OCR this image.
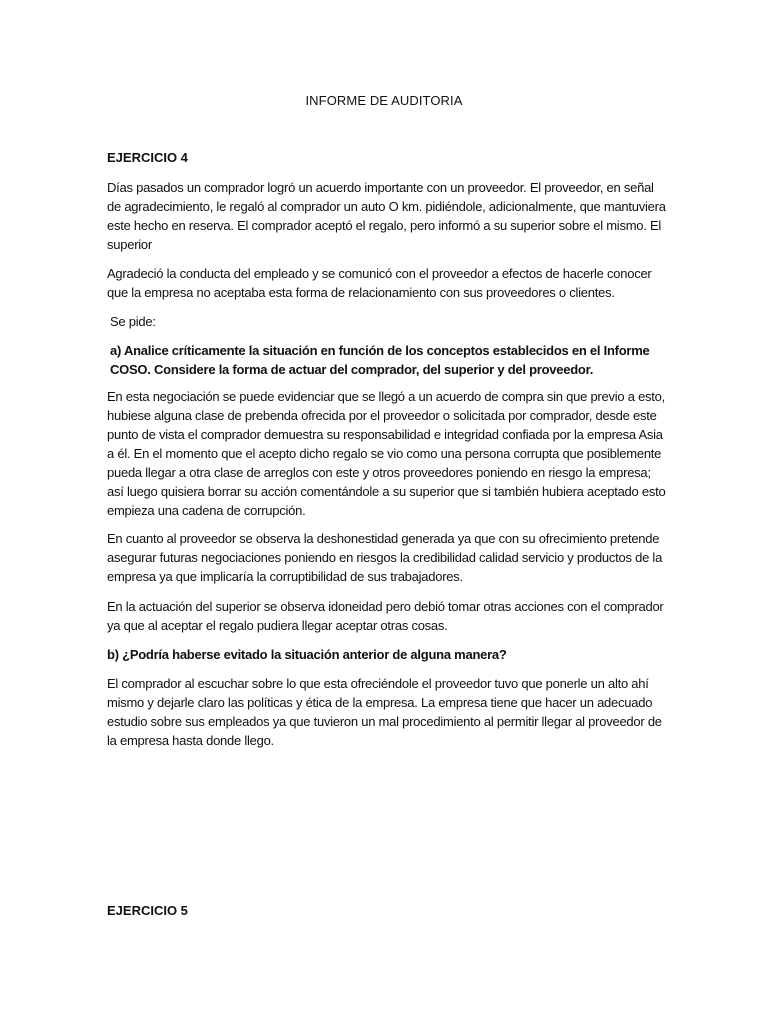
INFORME DE AUDITORIA
EJERCICIO 4

Días pasados un comprador logró un acuerdo importante con un proveedor. El proveedor, en señal de agradecimiento, le regaló al comprador un auto O km. pidiéndole, adicionalmente, que mantuviera este hecho en reserva. El comprador aceptó el regalo, pero informó a su superior sobre el mismo. El superior

Agradeció la conducta del empleado y se comunicó con el proveedor a efectos de hacerle conocer que la empresa no aceptaba esta forma de relacionamiento con sus proveedores o clientes.

Se pide:

a) Analice críticamente la situación en función de los conceptos establecidos en el Informe COSO. Considere la forma de actuar del comprador, del superior y del proveedor.

En esta negociación se puede evidenciar que se llegó a un acuerdo de compra sin que previo a esto, hubiese alguna clase de prebenda ofrecida por el proveedor o solicitada por comprador, desde este punto de vista el comprador demuestra su responsabilidad e integridad confiada por la empresa Asia a él. En el momento que el acepto dicho regalo se vio como una persona corrupta que posiblemente pueda llegar a otra clase de arreglos con este y otros proveedores poniendo en riesgo la empresa; así luego quisiera borrar su acción comentándole a su superior que si también hubiera aceptado esto empieza una cadena de corrupción.

En cuanto al proveedor se observa la deshonestidad generada ya que con su ofrecimiento pretende asegurar futuras negociaciones poniendo en riesgos la credibilidad calidad servicio y productos de la empresa ya que implicaría la corruptibilidad de sus trabajadores.

En la actuación del superior se observa idoneidad pero debió tomar otras acciones con el comprador ya que al aceptar el regalo pudiera llegar aceptar otras cosas.

b) ¿Podría haberse evitado la situación anterior de alguna manera?

El comprador al escuchar sobre lo que esta ofreciéndole el proveedor tuvo que ponerle un alto ahí mismo y dejarle claro las políticas y ética de la empresa. La empresa tiene que hacer un adecuado estudio sobre sus empleados ya que tuvieron un mal procedimiento al permitir llegar al proveedor de la empresa hasta donde llego.

EJERCICIO 5
